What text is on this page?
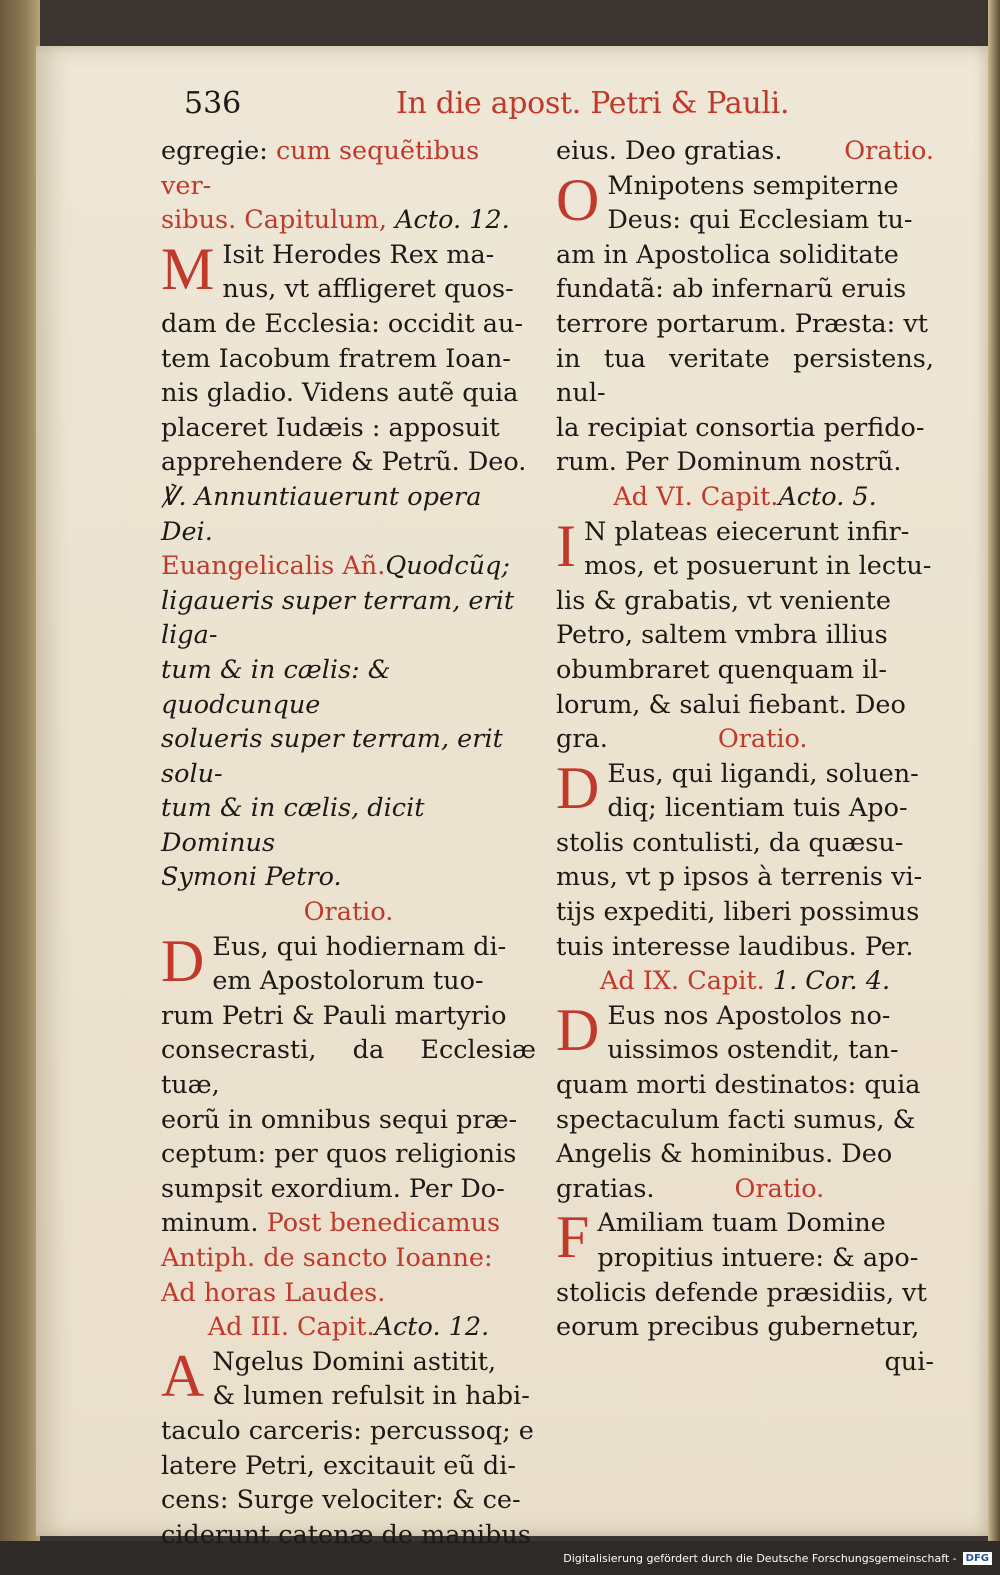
536	In die apost. Petri & Pauli.

egregie: cum sequẽtibus ver-

sibus. Capitulum, Acto. 12.

M Isit Herodes Rex ma-

nus, vt affligeret quos-

dam de Ecclesia: occidit au-

tem Iacobum fratrem Ioan-

nis gladio. Videns autẽ quia

placeret Iudæis : apposuit

apprehendere & Petrũ. Deo.

℣. Annuntiauerunt opera Dei.

Euangelicalis Añ.Quodcũq;

ligaueris super terram, erit liga-

tum & in cælis: & quodcunque

solueris super terram, erit solu-

tum & in cælis, dicit Dominus

Symoni Petro.

Oratio.

D Eus, qui hodiernam di-

em Apostolorum tuo-

rum Petri & Pauli martyrio

consecrasti, da Ecclesiæ tuæ,

eorũ in omnibus sequi præ-

ceptum: per quos religionis

sumpsit exordium. Per Do-

minum. Post benedicamus

Antiph. de sancto Ioanne:

Ad horas Laudes.

Ad III. Capit.Acto. 12.

A Ngelus Domini astitit,

& lumen refulsit in habi-

taculo carceris: percussoq; e

latere Petri, excitauit eũ di-

cens: Surge velociter: & ce-

ciderunt catenæ de manibus

eius. Deo gratias. Oratio.

O Mnipotens sempiterne

Deus: qui Ecclesiam tu-

am in Apostolica soliditate

fundatã: ab infernarũ eruis

terrore portarum. Præsta: vt

in tua veritate persistens, nul-

la recipiat consortia perfido-

rum. Per Dominum nostrũ.

Ad VI. Capit.Acto. 5.

I N plateas eiecerunt infir-

mos, et posuerunt in lectu-

lis & grabatis, vt veniente

Petro, saltem vmbra illius

obumbraret quenquam il-

lorum, & salui fiebant. Deo

gra.	Oratio.

D Eus, qui ligandi, soluen-

diq; licentiam tuis Apo-

stolis contulisti, da quæsu-

mus, vt p ipsos à terrenis vi-

tijs expediti, liberi possimus

tuis interesse laudibus. Per.

Ad IX. Capit. 1. Cor. 4.

D Eus nos Apostolos no-

uissimos ostendit, tan-

quam morti destinatos: quia

spectaculum facti sumus, &

Angelis & hominibus. Deo

gratias.	Oratio.

F Amiliam tuam Domine

propitius intuere: & apo-

stolicis defende præsidiis, vt

eorum precibus gubernetur,

qui-

Digitalisierung gefördert durch die Deutsche Forschungsgemeinschaft - DFG
